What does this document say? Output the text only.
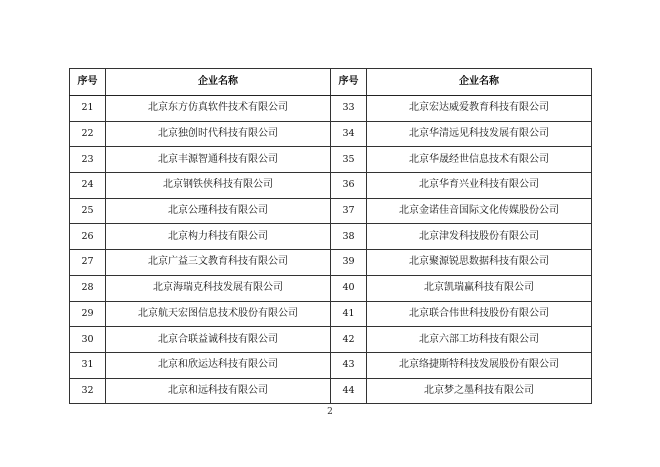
序号	企业名称	序号	企业名称
21	北京东方仿真软件技术有限公司	33	北京宏达威爱教育科技有限公司
22	北京独创时代科技有限公司	34	北京华清远见科技发展有限公司
23	北京丰源智通科技有限公司	35	北京华晟经世信息技术有限公司
24	北京钢铁侠科技有限公司	36	北京华育兴业科技有限公司
25	北京公瑾科技有限公司	37	北京金诺佳音国际文化传媒股份公司
26	北京构力科技有限公司	38	北京津发科技股份有限公司
27	北京广益三文教育科技有限公司	39	北京聚源锐思数据科技有限公司
28	北京海瑞克科技发展有限公司	40	北京凯瑞赢科技有限公司
29	北京航天宏图信息技术股份有限公司	41	北京联合伟世科技股份有限公司
30	北京合联益诚科技有限公司	42	北京六部工坊科技有限公司
31	北京和欣运达科技有限公司	43	北京络捷斯特科技发展股份有限公司
32	北京和远科技有限公司	44	北京梦之墨科技有限公司
2
